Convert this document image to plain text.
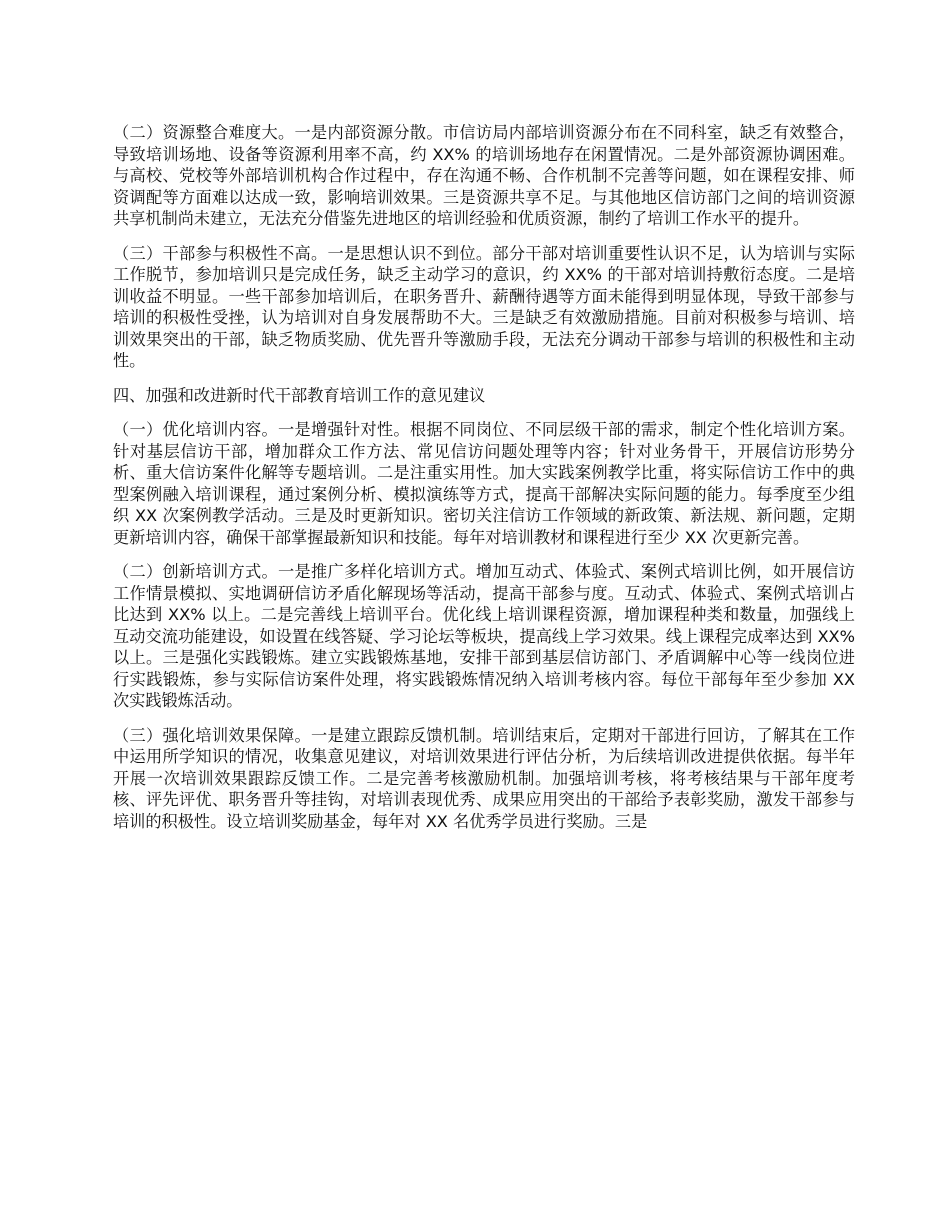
（二）资源整合难度大。一是内部资源分散。市信访局内部培训资源分布在不同科室，缺乏有效整合，导致培训场地、设备等资源利用率不高，约 XX% 的培训场地存在闲置情况。二是外部资源协调困难。与高校、党校等外部培训机构合作过程中，存在沟通不畅、合作机制不完善等问题，如在课程安排、师资调配等方面难以达成一致，影响培训效果。三是资源共享不足。与其他地区信访部门之间的培训资源共享机制尚未建立，无法充分借鉴先进地区的培训经验和优质资源，制约了培训工作水平的提升。

（三）干部参与积极性不高。一是思想认识不到位。部分干部对培训重要性认识不足，认为培训与实际工作脱节，参加培训只是完成任务，缺乏主动学习的意识，约 XX% 的干部对培训持敷衍态度。二是培训收益不明显。一些干部参加培训后，在职务晋升、薪酬待遇等方面未能得到明显体现，导致干部参与培训的积极性受挫，认为培训对自身发展帮助不大。三是缺乏有效激励措施。目前对积极参与培训、培训效果突出的干部，缺乏物质奖励、优先晋升等激励手段，无法充分调动干部参与培训的积极性和主动性。

四、加强和改进新时代干部教育培训工作的意见建议

（一）优化培训内容。一是增强针对性。根据不同岗位、不同层级干部的需求，制定个性化培训方案。针对基层信访干部，增加群众工作方法、常见信访问题处理等内容；针对业务骨干，开展信访形势分析、重大信访案件化解等专题培训。二是注重实用性。加大实践案例教学比重，将实际信访工作中的典型案例融入培训课程，通过案例分析、模拟演练等方式，提高干部解决实际问题的能力。每季度至少组织 XX 次案例教学活动。三是及时更新知识。密切关注信访工作领域的新政策、新法规、新问题，定期更新培训内容，确保干部掌握最新知识和技能。每年对培训教材和课程进行至少 XX 次更新完善。

（二）创新培训方式。一是推广多样化培训方式。增加互动式、体验式、案例式培训比例，如开展信访工作情景模拟、实地调研信访矛盾化解现场等活动，提高干部参与度。互动式、体验式、案例式培训占比达到 XX% 以上。二是完善线上培训平台。优化线上培训课程资源，增加课程种类和数量，加强线上互动交流功能建设，如设置在线答疑、学习论坛等板块，提高线上学习效果。线上课程完成率达到 XX% 以上。三是强化实践锻炼。建立实践锻炼基地，安排干部到基层信访部门、矛盾调解中心等一线岗位进行实践锻炼，参与实际信访案件处理，将实践锻炼情况纳入培训考核内容。每位干部每年至少参加 XX 次实践锻炼活动。

（三）强化培训效果保障。一是建立跟踪反馈机制。培训结束后，定期对干部进行回访，了解其在工作中运用所学知识的情况，收集意见建议，对培训效果进行评估分析，为后续培训改进提供依据。每半年开展一次培训效果跟踪反馈工作。二是完善考核激励机制。加强培训考核，将考核结果与干部年度考核、评先评优、职务晋升等挂钩，对培训表现优秀、成果应用突出的干部给予表彰奖励，激发干部参与培训的积极性。设立培训奖励基金，每年对 XX 名优秀学员进行奖励。三是
